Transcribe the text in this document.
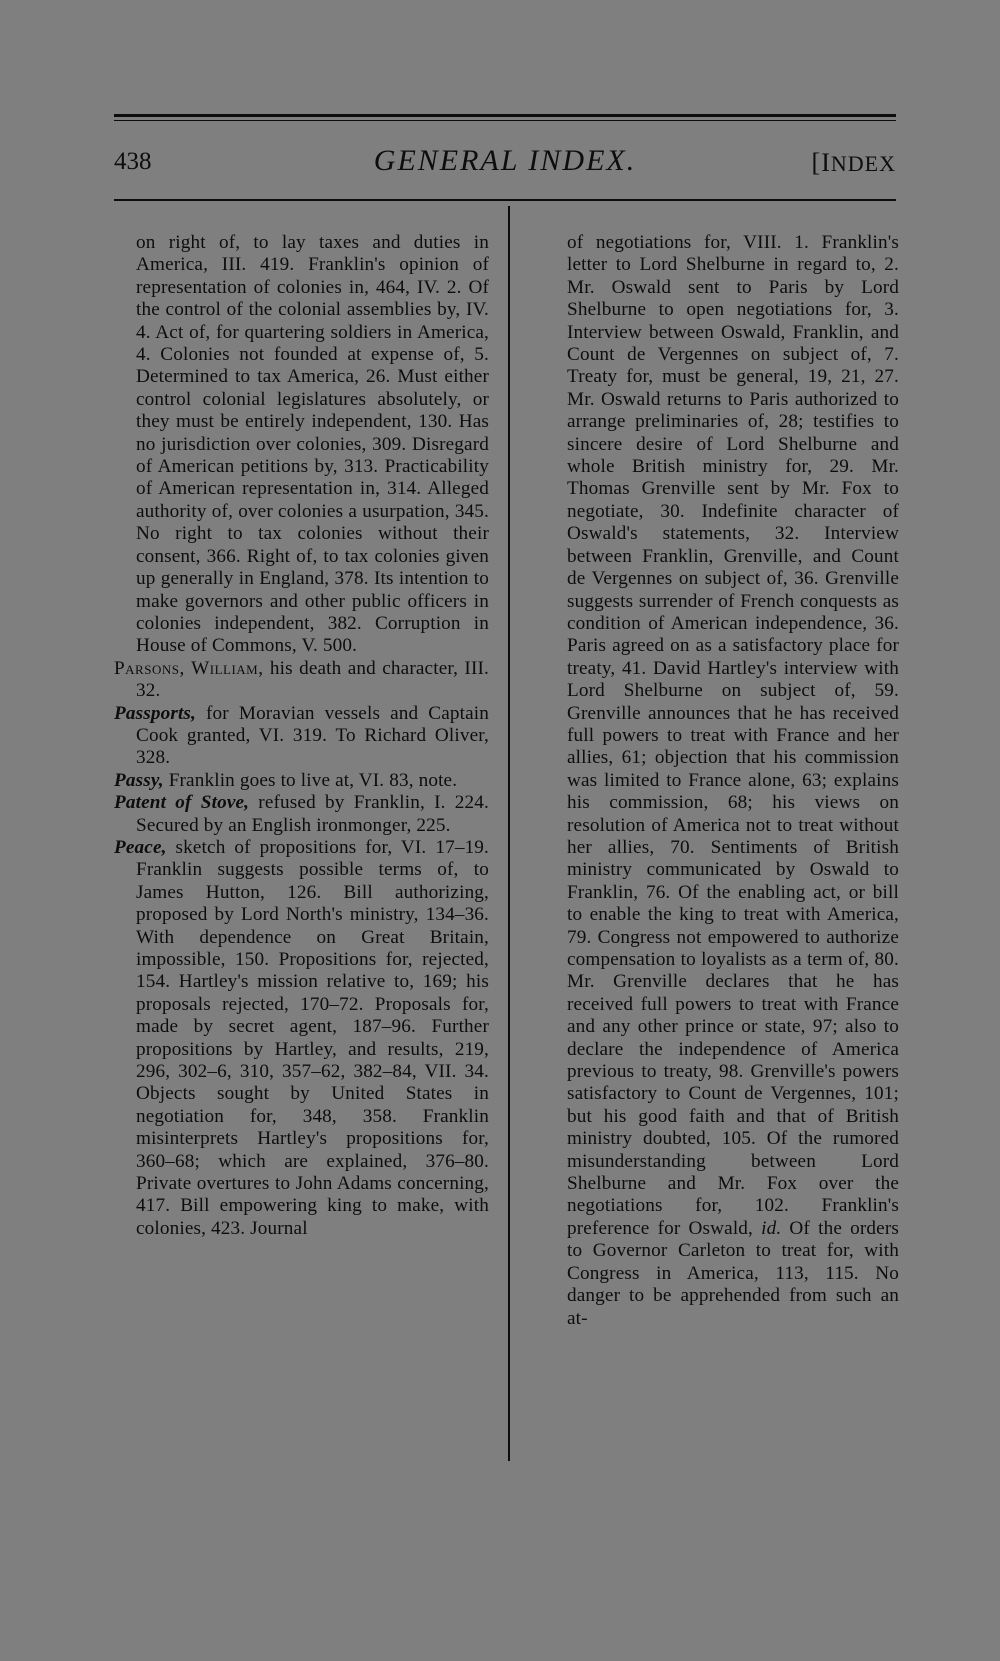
438	GENERAL INDEX.	[INDEX

on right of, to lay taxes and duties in America, III. 419. Franklin's opinion of representation of colonies in, 464, IV. 2. Of the control of the colonial assemblies by, IV. 4. Act of, for quartering soldiers in America, 4. Colonies not founded at expense of, 5. Determined to tax America, 26. Must either control colonial legislatures absolutely, or they must be entirely independent, 130. Has no jurisdiction over colonies, 309. Disregard of American petitions by, 313. Practicability of American representation in, 314. Alleged authority of, over colonies a usurpation, 345. No right to tax colonies without their consent, 366. Right of, to tax colonies given up generally in England, 378. Its intention to make governors and other public officers in colonies independent, 382. Corruption in House of Commons, V. 500.

Parsons, William, his death and character, III. 32.

Passports, for Moravian vessels and Captain Cook granted, VI. 319. To Richard Oliver, 328.

Passy, Franklin goes to live at, VI. 83, note.

Patent of Stove, refused by Franklin, I. 224. Secured by an English ironmonger, 225.

Peace, sketch of propositions for, VI. 17–19. Franklin suggests possible terms of, to James Hutton, 126. Bill authorizing, proposed by Lord North's ministry, 134–36. With dependence on Great Britain, impossible, 150. Propositions for, rejected, 154. Hartley's mission relative to, 169; his proposals rejected, 170–72. Proposals for, made by secret agent, 187–96. Further propositions by Hartley, and results, 219, 296, 302–6, 310, 357–62, 382–84, VII. 34. Objects sought by United States in negotiation for, 348, 358. Franklin misinterprets Hartley's propositions for, 360–68; which are explained, 376–80. Private overtures to John Adams concerning, 417. Bill empowering king to make, with colonies, 423. Journal

of negotiations for, VIII. 1. Franklin's letter to Lord Shelburne in regard to, 2. Mr. Oswald sent to Paris by Lord Shelburne to open negotiations for, 3. Interview between Oswald, Franklin, and Count de Vergennes on subject of, 7. Treaty for, must be general, 19, 21, 27. Mr. Oswald returns to Paris authorized to arrange preliminaries of, 28; testifies to sincere desire of Lord Shelburne and whole British ministry for, 29. Mr. Thomas Grenville sent by Mr. Fox to negotiate, 30. Indefinite character of Oswald's statements, 32. Interview between Franklin, Grenville, and Count de Vergennes on subject of, 36. Grenville suggests surrender of French conquests as condition of American independence, 36. Paris agreed on as a satisfactory place for treaty, 41. David Hartley's interview with Lord Shelburne on subject of, 59. Grenville announces that he has received full powers to treat with France and her allies, 61; objection that his commission was limited to France alone, 63; explains his commission, 68; his views on resolution of America not to treat without her allies, 70. Sentiments of British ministry communicated by Oswald to Franklin, 76. Of the enabling act, or bill to enable the king to treat with America, 79. Congress not empowered to authorize compensation to loyalists as a term of, 80. Mr. Grenville declares that he has received full powers to treat with France and any other prince or state, 97; also to declare the independence of America previous to treaty, 98. Grenville's powers satisfactory to Count de Vergennes, 101; but his good faith and that of British ministry doubted, 105. Of the rumored misunderstanding between Lord Shelburne and Mr. Fox over the negotiations for, 102. Franklin's preference for Oswald, id. Of the orders to Governor Carleton to treat for, with Congress in America, 113, 115. No danger to be apprehended from such an at-
